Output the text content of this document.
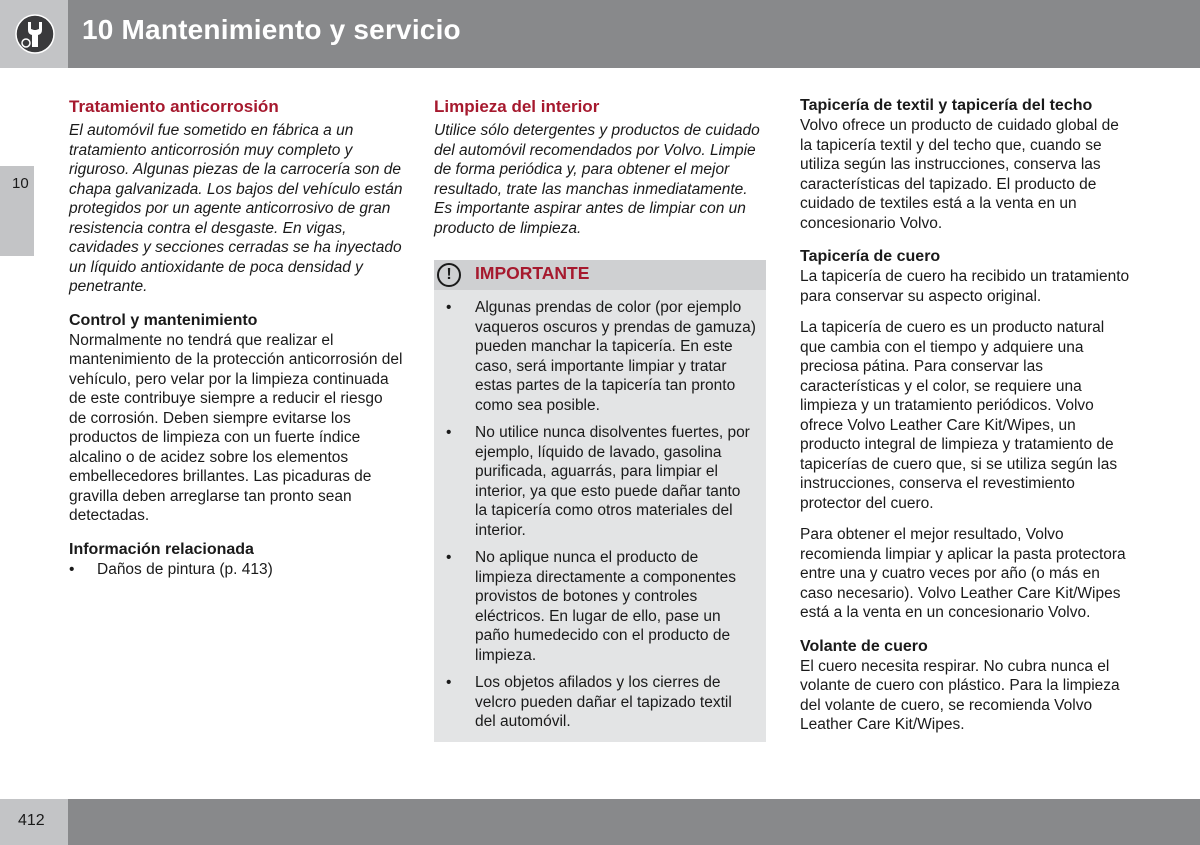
10 Mantenimiento y servicio
10
412
Tratamiento anticorrosión

El automóvil fue sometido en fábrica a un tratamiento anticorrosión muy completo y riguroso. Algunas piezas de la carrocería son de chapa galvanizada. Los bajos del vehículo están protegidos por un agente anticorrosivo de gran resistencia contra el desgaste. En vigas, cavidades y secciones cerradas se ha inyectado un líquido antioxidante de poca densidad y penetrante.

Control y mantenimiento

Normalmente no tendrá que realizar el mantenimiento de la protección anticorrosión del vehículo, pero velar por la limpieza continuada de este contribuye siempre a reducir el riesgo de corrosión. Deben siempre evitarse los productos de limpieza con un fuerte índice alcalino o de acidez sobre los elementos embellecedores brillantes. Las picaduras de gravilla deben arreglarse tan pronto sean detectadas.

Información relacionada
• Daños de pintura (p. 413)
Limpieza del interior

Utilice sólo detergentes y productos de cuidado del automóvil recomendados por Volvo. Limpie de forma periódica y, para obtener el mejor resultado, trate las manchas inmediatamente. Es importante aspirar antes de limpiar con un producto de limpieza.

!	IMPORTANTE
• Algunas prendas de color (por ejemplo vaqueros oscuros y prendas de gamuza) pueden manchar la tapicería. En este caso, será importante limpiar y tratar estas partes de la tapicería tan pronto como sea posible.
• No utilice nunca disolventes fuertes, por ejemplo, líquido de lavado, gasolina purificada, aguarrás, para limpiar el interior, ya que esto puede dañar tanto la tapicería como otros materiales del interior.
• No aplique nunca el producto de limpieza directamente a componentes provistos de botones y controles eléctricos. En lugar de ello, pase un paño humedecido con el producto de limpieza.
• Los objetos afilados y los cierres de velcro pueden dañar el tapizado textil del automóvil.
Tapicería de textil y tapicería del techo

Volvo ofrece un producto de cuidado global de la tapicería textil y del techo que, cuando se utiliza según las instrucciones, conserva las características del tapizado. El producto de cuidado de textiles está a la venta en un concesionario Volvo.

Tapicería de cuero

La tapicería de cuero ha recibido un tratamiento para conservar su aspecto original.

La tapicería de cuero es un producto natural que cambia con el tiempo y adquiere una preciosa pátina. Para conservar las características y el color, se requiere una limpieza y un tratamiento periódicos. Volvo ofrece Volvo Leather Care Kit/Wipes, un producto integral de limpieza y tratamiento de tapicerías de cuero que, si se utiliza según las instrucciones, conserva el revestimiento protector del cuero.

Para obtener el mejor resultado, Volvo recomienda limpiar y aplicar la pasta protectora entre una y cuatro veces por año (o más en caso necesario). Volvo Leather Care Kit/Wipes está a la venta en un concesionario Volvo.

Volante de cuero

El cuero necesita respirar. No cubra nunca el volante de cuero con plástico. Para la limpieza del volante de cuero, se recomienda Volvo Leather Care Kit/Wipes.
